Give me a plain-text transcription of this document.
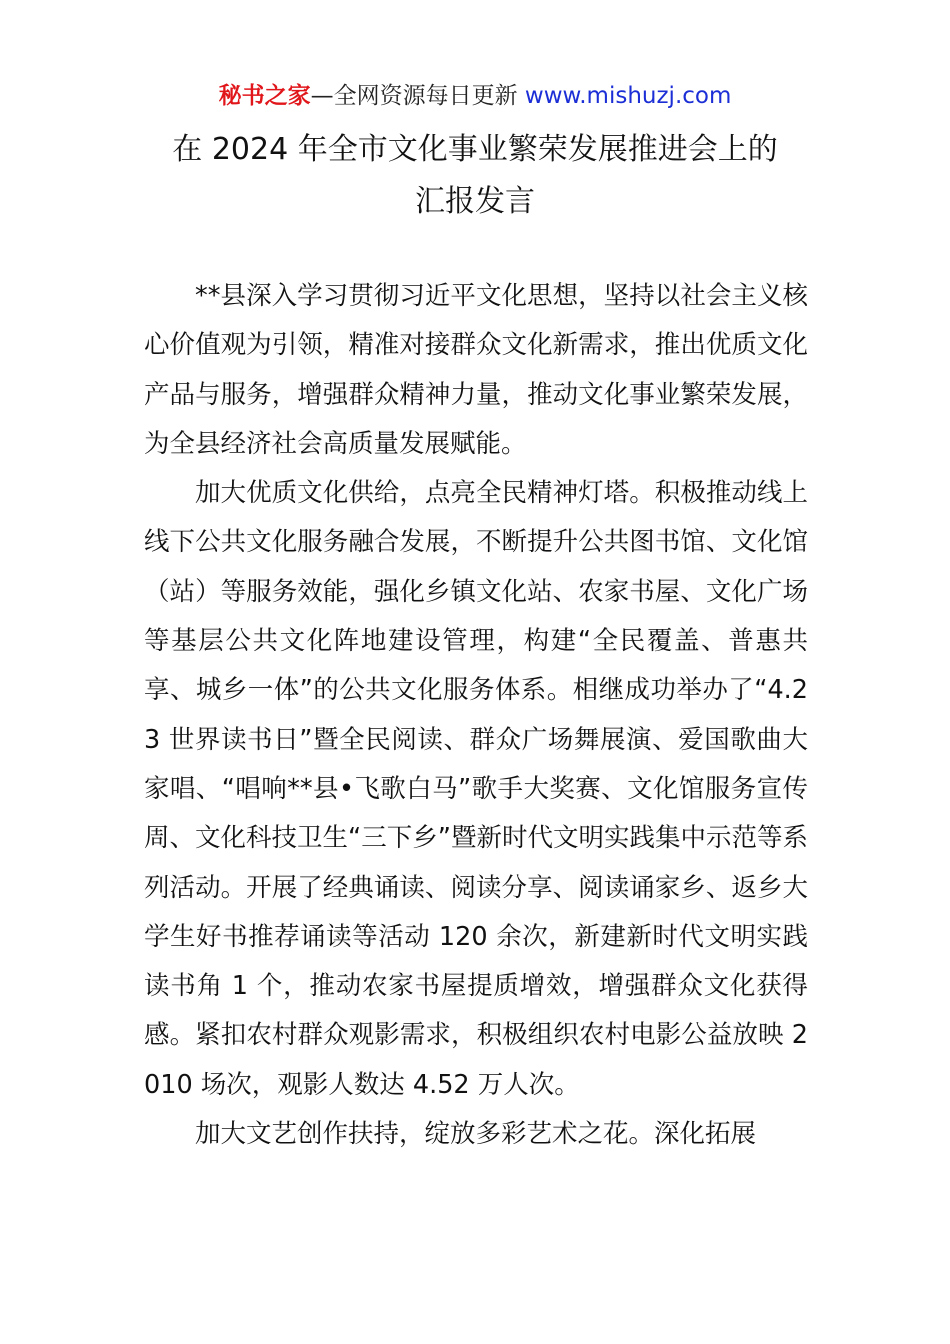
秘书之家—全网资源每日更新 www.mishuzj.com
在 2024 年全市文化事业繁荣发展推进会上的
汇报发言

**县深入学习贯彻习近平文化思想，坚持以社会主义核心价值观为引领，精准对接群众文化新需求，推出优质文化产品与服务，增强群众精神力量，推动文化事业繁荣发展，为全县经济社会高质量发展赋能。

加大优质文化供给，点亮全民精神灯塔。积极推动线上线下公共文化服务融合发展，不断提升公共图书馆、文化馆（站）等服务效能，强化乡镇文化站、农家书屋、文化广场等基层公共文化阵地建设管理，构建“全民覆盖、普惠共享、城乡一体”的公共文化服务体系。相继成功举办了“4.23 世界读书日”暨全民阅读、群众广场舞展演、爱国歌曲大家唱、“唱响**县•飞歌白马”歌手大奖赛、文化馆服务宣传周、文化科技卫生“三下乡”暨新时代文明实践集中示范等系列活动。开展了经典诵读、阅读分享、阅读诵家乡、返乡大学生好书推荐诵读等活动 120 余次，新建新时代文明实践读书角 1 个，推动农家书屋提质增效，增强群众文化获得感。紧扣农村群众观影需求，积极组织农村电影公益放映 2010 场次，观影人数达 4.52 万人次。

加大文艺创作扶持，绽放多彩艺术之花。深化拓展
